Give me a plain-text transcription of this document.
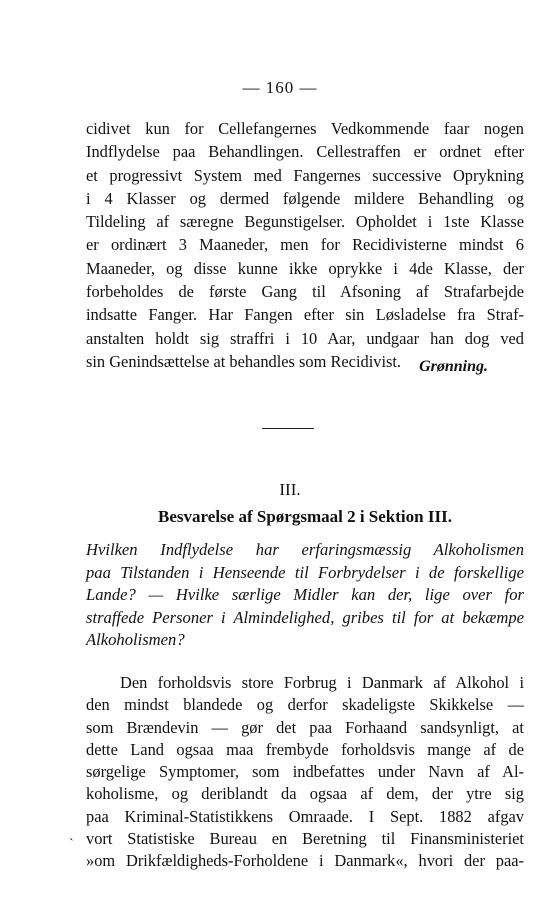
— 160 —
cidivet kun for Cellefangernes Vedkommende faar nogen
Indflydelse paa Behandlingen. Cellestraffen er ordnet efter
et progressivt System med Fangernes successive Oprykning
i 4 Klasser og dermed følgende mildere Behandling og
Tildeling af særegne Begunstigelser. Opholdet i 1ste Klasse
er ordinært 3 Maaneder, men for Recidivisterne mindst 6
Maaneder, og disse kunne ikke oprykke i 4de Klasse, der
forbeholdes de første Gang til Afsoning af Strafarbejde
indsatte Fanger. Har Fangen efter sin Løsladelse fra Straf-
anstalten holdt sig straffri i 10 Aar, undgaar han dog ved
sin Genindsættelse at behandles som Recidivist.	Grønning.
III.
Besvarelse af Spørgsmaal 2 i Sektion III.
Hvilken Indflydelse har erfaringsmæssig Alkoholismen
paa Tilstanden i Henseende til Forbrydelser i de forskellige
Lande? — Hvilke særlige Midler kan der, lige over for
straffede Personer i Almindelighed, gribes til for at bekæmpe
Alkoholismen?
Den forholdsvis store Forbrug i Danmark af Alkohol i
den mindst blandede og derfor skadeligste Skikkelse —
som Brændevin — gør det paa Forhaand sandsynligt, at
dette Land ogsaa maa frembyde forholdsvis mange af de
sørgelige Symptomer, som indbefattes under Navn af Al-
koholisme, og deriblandt da ogsaa af dem, der ytre sig
paa Kriminal-Statistikkens Omraade. I Sept. 1882 afgav
vort Statistiske Bureau en Beretning til Finansministeriet
»om Drikfældigheds-Forholdene i Danmark«, hvori der paa-
`
